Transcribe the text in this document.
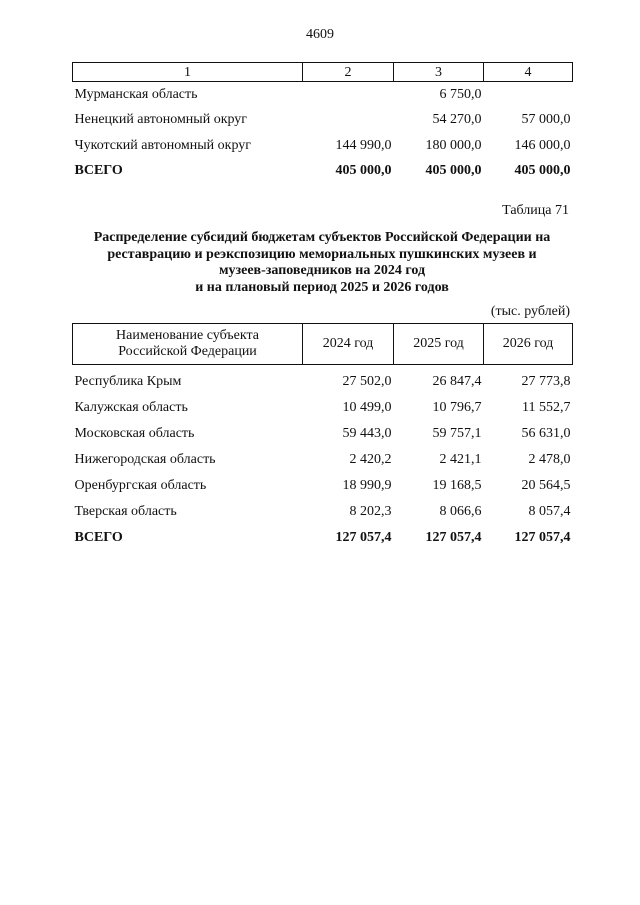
4609
1	2	3	4
Мурманская область		6 750,0	
Ненецкий автономный округ		54 270,0	57 000,0
Чукотский автономный округ	144 990,0	180 000,0	146 000,0
ВСЕГО	405 000,0	405 000,0	405 000,0
Таблица 71
Распределение субсидий бюджетам субъектов Российской Федерации на
реставрацию и реэкспозицию мемориальных пушкинских музеев и
музеев-заповедников на 2024 год
и на плановый период 2025 и 2026 годов
(тыс. рублей)
Наименование субъекта
Российской Федерации	2024 год	2025 год	2026 год
Республика Крым	27 502,0	26 847,4	27 773,8
Калужская область	10 499,0	10 796,7	11 552,7
Московская область	59 443,0	59 757,1	56 631,0
Нижегородская область	2 420,2	2 421,1	2 478,0
Оренбургская область	18 990,9	19 168,5	20 564,5
Тверская область	8 202,3	8 066,6	8 057,4
ВСЕГО	127 057,4	127 057,4	127 057,4
